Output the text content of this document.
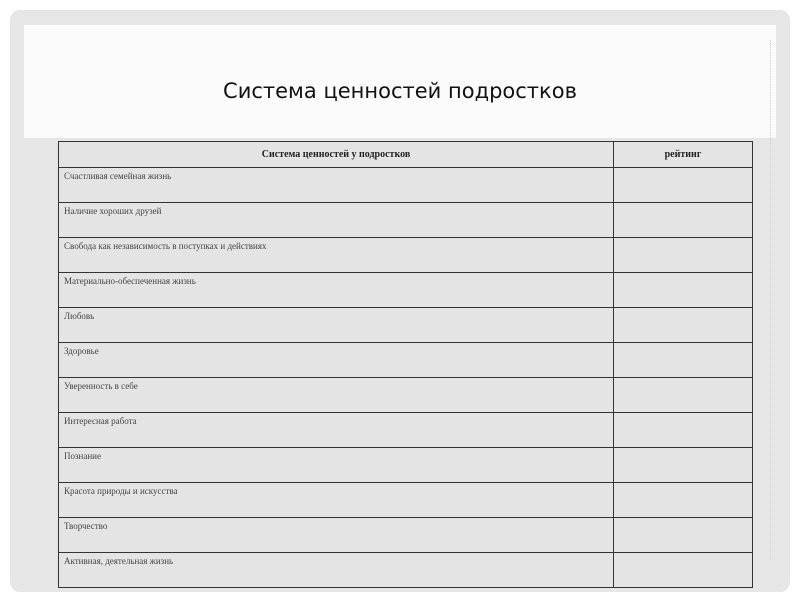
Система ценностей подростков
Система ценностей у подростков	рейтинг
Счастливая семейная жизнь	
Наличие хороших друзей	
Свобода как независимость в поступках и действиях	
Материально-обеспеченная жизнь	
Любовь	
Здоровье	
Уверенность в себе	
Интересная работа	
Познание	
Красота природы и искусства	
Творчество	
Активная, деятельная жизнь	
